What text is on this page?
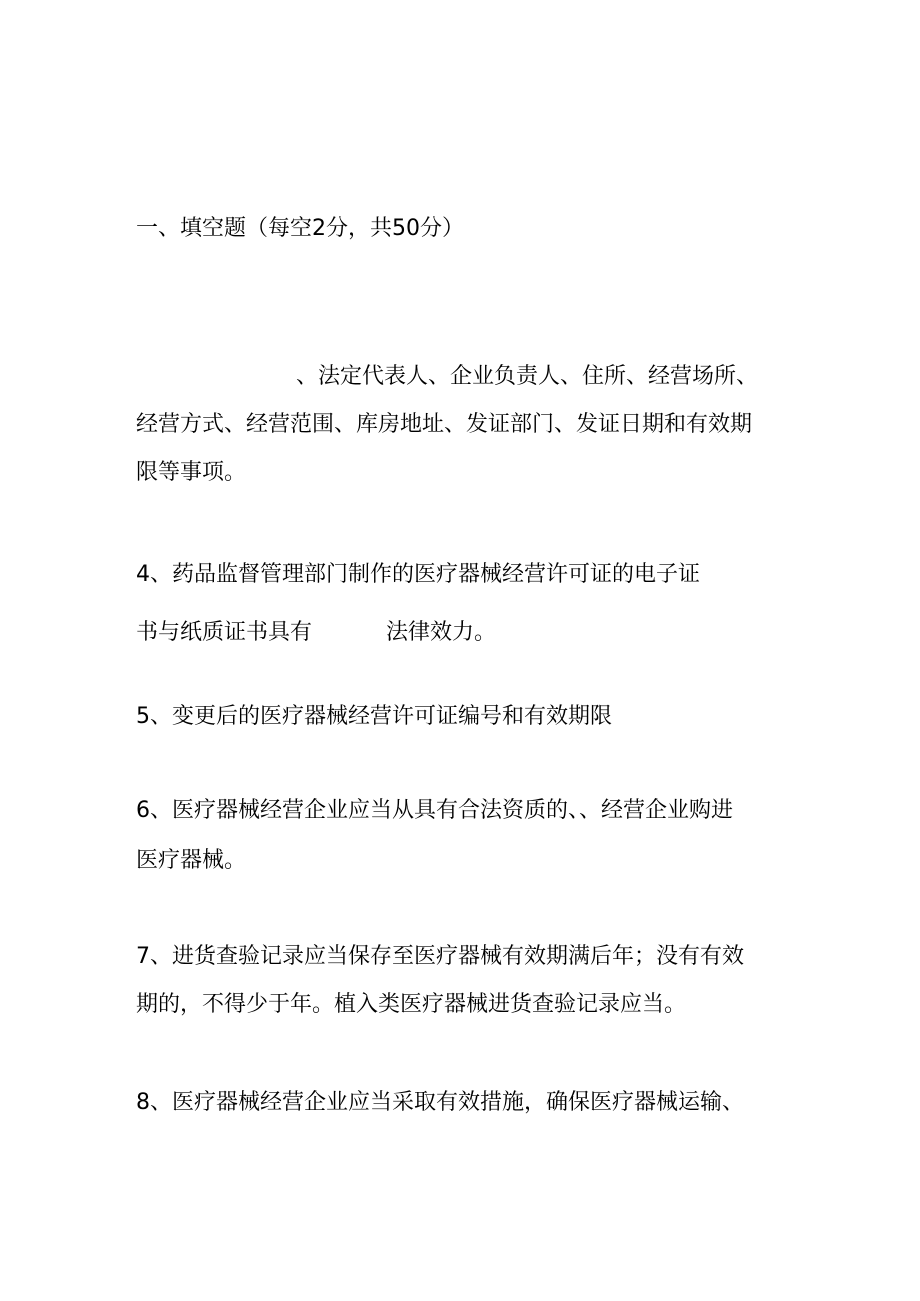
一、填空题（每空2分，共50分）
、法定代表人、企业负责人、住所、经营场所、
经营方式、经营范围、库房地址、发证部门、发证日期和有效期
限等事项。
4、药品监督管理部门制作的医疗器械经营许可证的电子证
书与纸质证书具有	法律效力。
5、变更后的医疗器械经营许可证编号和有效期限
6、医疗器械经营企业应当从具有合法资质的、、经营企业购进
医疗器械。
7、进货查验记录应当保存至医疗器械有效期满后年；没有有效
期的，不得少于年。植入类医疗器械进货查验记录应当。
8、医疗器械经营企业应当采取有效措施，确保医疗器械运输、
